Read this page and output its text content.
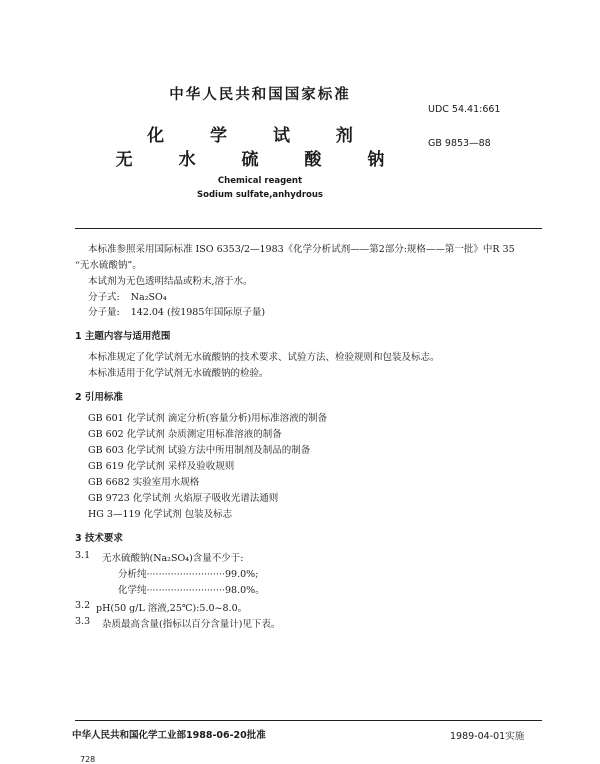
中华人民共和国国家标准
UDC 54.41:661
化 学 试 剂	GB 9853—88
无 水 硫 酸 钠
Chemical reagent
Sodium sulfate,anhydrous
本标准参照采用国际标准 ISO 6353/2—1983《化学分析试剂——第2部分:规格——第一批》中R 35
“无水硫酸钠”。
本试剂为无色透明结晶或粉末,溶于水。
分子式: Na₂SO₄
分子量: 142.04 (按1985年国际原子量)
1 主题内容与适用范围
本标准规定了化学试剂无水硫酸钠的技术要求、试验方法、检验规则和包装及标志。
本标准适用于化学试剂无水硫酸钠的检验。
2 引用标准
GB 601 化学试剂 滴定分析(容量分析)用标准溶液的制备
GB 602 化学试剂 杂质测定用标准溶液的制备
GB 603 化学试剂 试验方法中所用制剂及制品的制备
GB 619 化学试剂 采样及验收规则
GB 6682 实验室用水规格
GB 9723 化学试剂 火焰原子吸收光谱法通则
HG 3—119 化学试剂 包装及标志
3 技术要求
3.1 无水硫酸钠(Na₂SO₄)含量不少于:
分析纯··························99.0%;
化学纯··························98.0%。
3.2 pH(50 g/L 溶液,25℃):5.0~8.0。
3.3 杂质最高含量(指标以百分含量计)见下表。
中华人民共和国化学工业部1988-06-20批准	1989-04-01实施
728
